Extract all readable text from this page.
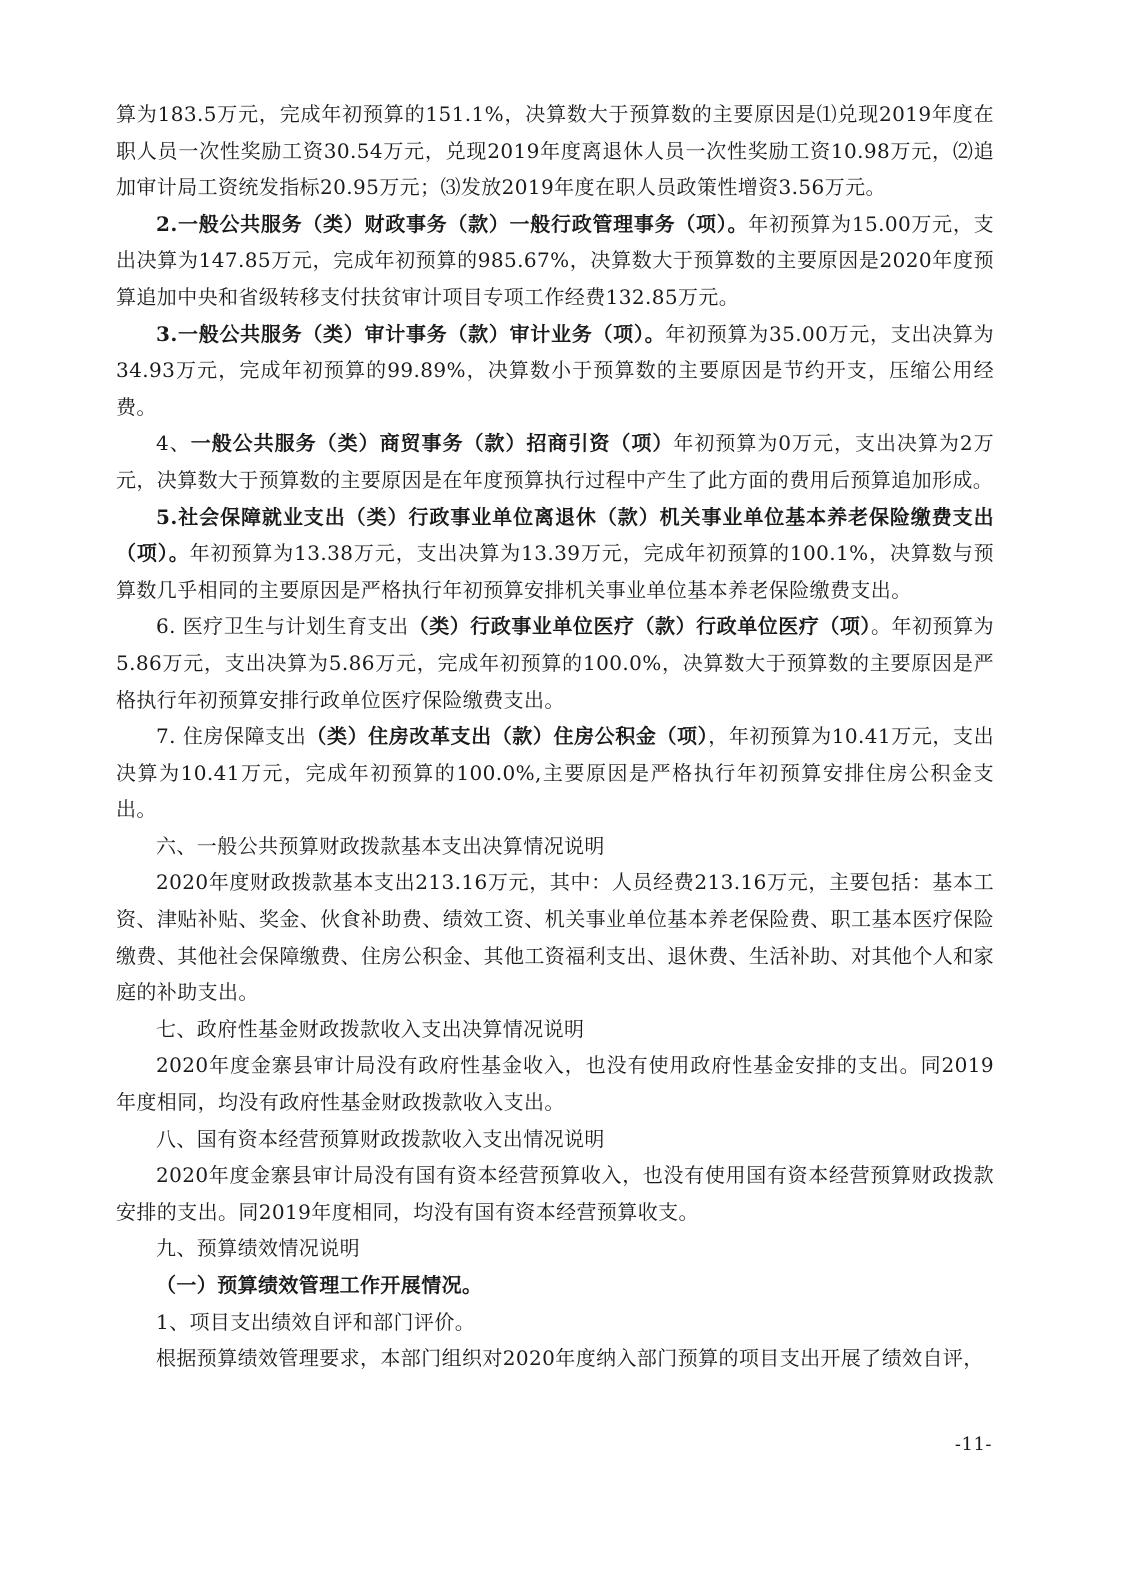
算为183.5万元，完成年初预算的151.1%，决算数大于预算数的主要原因是⑴兑现2019年度在职人员一次性奖励工资30.54万元，兑现2019年度离退休人员一次性奖励工资10.98万元，⑵追加审计局工资统发指标20.95万元；⑶发放2019年度在职人员政策性增资3.56万元。

2.一般公共服务（类）财政事务（款）一般行政管理事务（项）。年初预算为15.00万元，支出决算为147.85万元，完成年初预算的985.67%，决算数大于预算数的主要原因是2020年度预算追加中央和省级转移支付扶贫审计项目专项工作经费132.85万元。

3.一般公共服务（类）审计事务（款）审计业务（项）。年初预算为35.00万元，支出决算为34.93万元，完成年初预算的99.89%，决算数小于预算数的主要原因是节约开支，压缩公用经费。

4、一般公共服务（类）商贸事务（款）招商引资（项）年初预算为0万元，支出决算为2万元，决算数大于预算数的主要原因是在年度预算执行过程中产生了此方面的费用后预算追加形成。

5.社会保障就业支出（类）行政事业单位离退休（款）机关事业单位基本养老保险缴费支出（项）。年初预算为13.38万元，支出决算为13.39万元，完成年初预算的100.1%，决算数与预算数几乎相同的主要原因是严格执行年初预算安排机关事业单位基本养老保险缴费支出。

6. 医疗卫生与计划生育支出（类）行政事业单位医疗（款）行政单位医疗（项）。年初预算为5.86万元，支出决算为5.86万元，完成年初预算的100.0%，决算数大于预算数的主要原因是严格执行年初预算安排行政单位医疗保险缴费支出。

7. 住房保障支出（类）住房改革支出（款）住房公积金（项），年初预算为10.41万元，支出决算为10.41万元，完成年初预算的100.0%,主要原因是严格执行年初预算安排住房公积金支出。

六、一般公共预算财政拨款基本支出决算情况说明

2020年度财政拨款基本支出213.16万元，其中：人员经费213.16万元，主要包括：基本工资、津贴补贴、奖金、伙食补助费、绩效工资、机关事业单位基本养老保险费、职工基本医疗保险缴费、其他社会保障缴费、住房公积金、其他工资福利支出、退休费、生活补助、对其他个人和家庭的补助支出。

七、政府性基金财政拨款收入支出决算情况说明

2020年度金寨县审计局没有政府性基金收入，也没有使用政府性基金安排的支出。同2019年度相同，均没有政府性基金财政拨款收入支出。

八、国有资本经营预算财政拨款收入支出情况说明

2020年度金寨县审计局没有国有资本经营预算收入，也没有使用国有资本经营预算财政拨款安排的支出。同2019年度相同，均没有国有资本经营预算收支。

九、预算绩效情况说明

（一）预算绩效管理工作开展情况。

1、项目支出绩效自评和部门评价。

根据预算绩效管理要求，本部门组织对2020年度纳入部门预算的项目支出开展了绩效自评，

-11-
